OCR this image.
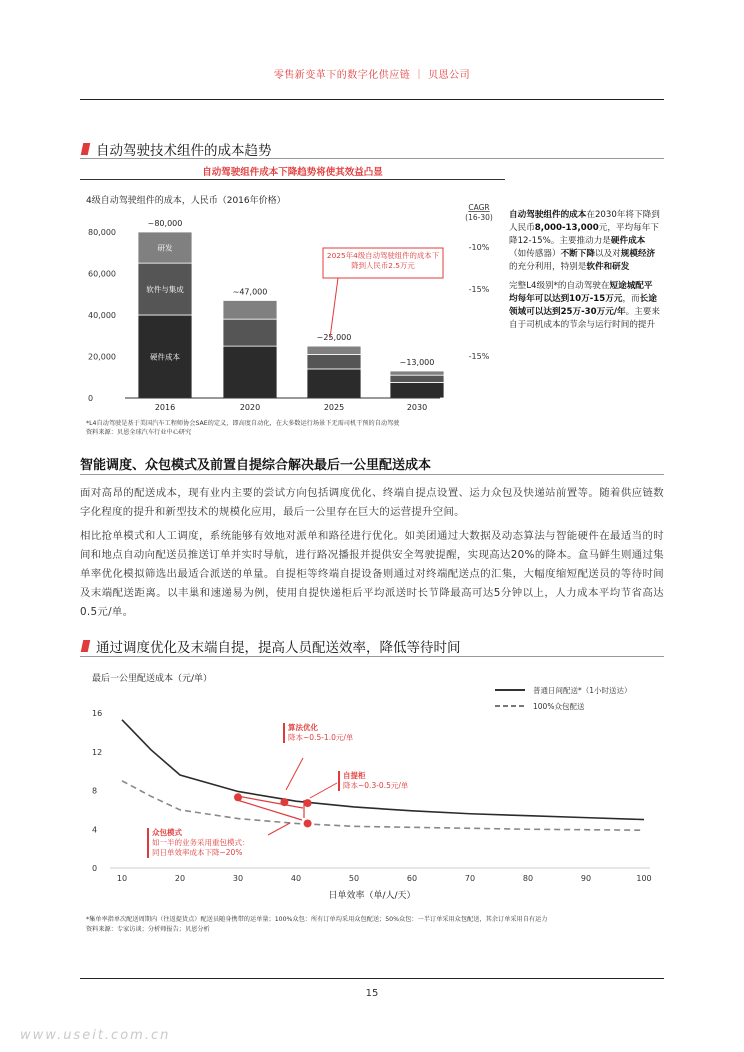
零售新变革下的数字化供应链 ｜ 贝恩公司
自动驾驶技术组件的成本趋势
自动驾驶组件成本下降趋势将使其效益凸显
4级自动驾驶组件的成本，人民币（2016年价格）
0
20,000
40,000
60,000
80,000
2016	2020	2025	2030
~80,000
~47,000
~25,000
~13,000
硬件成本
软件与集成
研发
CAGR
(16-30)
-10%
-15%
-15%
2025年4级自动驾驶组件的成本下降到人民币2.5万元
*L4自动驾驶是基于美国汽车工程师协会SAE的定义，即高度自动化，在大多数运行场景下无需司机干预的自动驾驶
资料来源：贝恩全球汽车行业中心研究

自动驾驶组件的成本在2030年将下降到人民币8,000-13,000元，平均每年下降12-15%。主要推动力是硬件成本（如传感器）不断下降以及对规模经济的充分利用，特别是软件和研发

完整L4级别*的自动驾驶在短途城配平均每年可以达到10万-15万元，而长途领域可以达到25万-30万元/年。主要来自于司机成本的节余与运行时间的提升

智能调度、众包模式及前置自提综合解决最后一公里配送成本
面对高昂的配送成本，现有业内主要的尝试方向包括调度优化、终端自提点设置、运力众包及快递站前置等。随着供应链数字化程度的提升和新型技术的规模化应用，最后一公里存在巨大的运营提升空间。
相比抢单模式和人工调度，系统能够有效地对派单和路径进行优化。如美团通过大数据及动态算法与智能硬件在最适当的时间和地点自动向配送员推送订单并实时导航，进行路况播报并提供安全驾驶提醒，实现高达20%的降本。盒马鲜生则通过集单率优化模拟筛选出最适合派送的单量。自提柜等终端自提设备则通过对终端配送点的汇集，大幅度缩短配送员的等待时间及末端配送距离。以丰巢和速递易为例，使用自提快递柜后平均派送时长节降最高可达5分钟以上，人力成本平均节省高达0.5元/单。
通过调度优化及末端自提，提高人员配送效率，降低等待时间
最后一公里配送成本（元/单）
普通日间配送*（1小时送达）
100%众包配送
0
4
8
12
16
10	20	30	40	50	60	70	80	90	100
算法优化
降本~0.5-1.0元/单
自提柜
降本~0.3-0.5元/单
众包模式
如一半的业务采用重包模式：
同日单效率成本下降~20%
日单效率（单/人/天）
*集单率指单次配送周期内（往返提货点）配送员随身携带的运单量；100%众包：所有订单均采用众包配送；50%众包：一半订单采用众包配送，其余订单采用自有运力
资料来源：专家访谈；分析师报告；贝恩分析
15
www.useit.com.cn
